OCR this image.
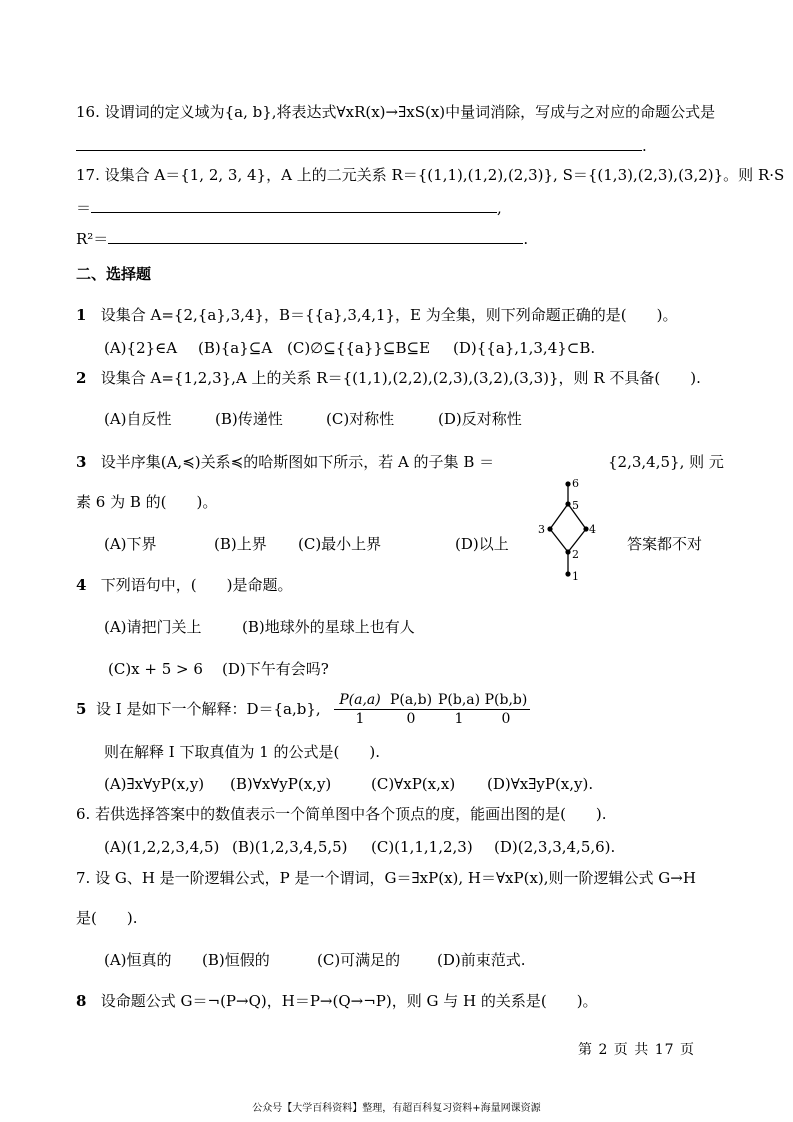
16. 设谓词的定义域为{a, b},将表达式∀xR(x)→∃xS(x)中量词消除，写成与之对应的命题公式是
.
17. 设集合 A＝{1, 2, 3, 4}，A 上的二元关系 R＝{(1,1),(1,2),(2,3)}, S＝{(1,3),(2,3),(3,2)}。则 R·S
＝	,
R²＝	.
二、选择题
1 设集合 A={2,{a},3,4}，B＝{{a},3,4,1}，E 为全集，则下列命题正确的是(　　)。
(A){2}∈A (B){a}⊆A (C)∅⊆{{a}}⊆B⊆E (D){{a},1,3,4}⊂B.
2 设集合 A={1,2,3},A 上的关系 R＝{(1,1),(2,2),(2,3),(3,2),(3,3)}，则 R 不具备(　　).
(A)自反性	(B)传递性	(C)对称性	(D)反对称性
3 设半序集(A,≼)关系≼的哈斯图如下所示，若 A 的子集 B ＝	{2,3,4,5}, 则 元
素 6 为 B 的(　　)。
(A)下界	(B)上界 (C)最小上界	(D)以上	答案都不对
6
5
3	4
2
1
4 下列语句中，(　　)是命题。
(A)请把门关上	(B)地球外的星球上也有人
(C)x + 5 > 6 (D)下午有会吗?
5 设 I 是如下一个解释：D＝{a,b}, $\frac{P(a,a)}{1} \frac{P(a,b)}{0} \frac{P(b,a)}{1} \frac{P(b,b)}{0}$
则在解释 I 下取真值为 1 的公式是(　　).
(A)∃x∀yP(x,y) (B)∀x∀yP(x,y)	(C)∀xP(x,x) (D)∀x∃yP(x,y).
6. 若供选择答案中的数值表示一个简单图中各个顶点的度，能画出图的是(　　).
(A)(1,2,2,3,4,5) (B)(1,2,3,4,5,5) (C)(1,1,1,2,3) (D)(2,3,3,4,5,6).
7. 设 G、H 是一阶逻辑公式，P 是一个谓词，G＝∃xP(x), H＝∀xP(x),则一阶逻辑公式 G→H
是(　　).
(A)恒真的 (B)恒假的	(C)可满足的 (D)前束范式.
8 设命题公式 G＝¬(P→Q)，H＝P→(Q→¬P)，则 G 与 H 的关系是(　　)。
第 2 页 共 17 页
公众号【大学百科资料】整理，有超百科复习资料+海量网课资源
